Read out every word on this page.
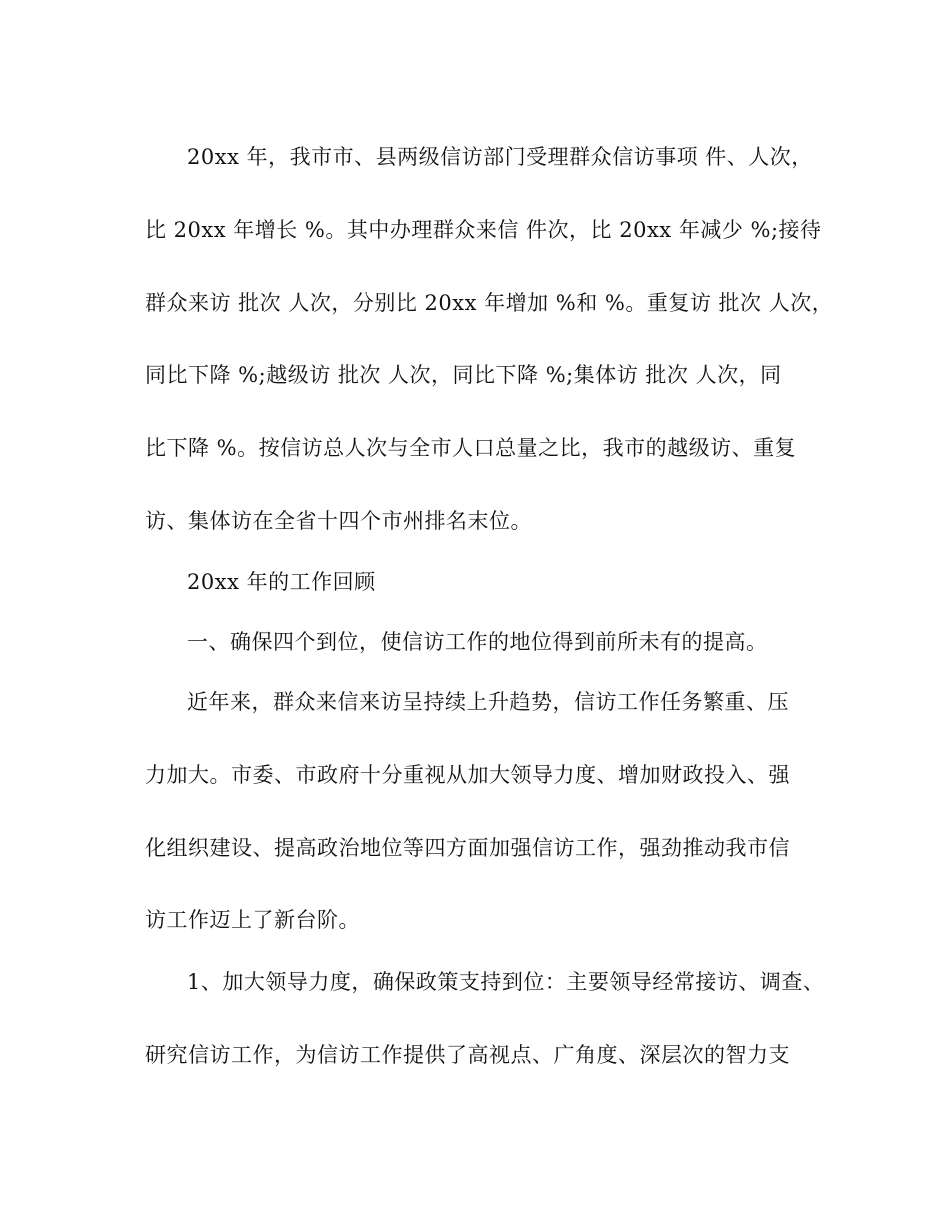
20xx 年，我市市、县两级信访部门受理群众信访事项 件、人次，
比 20xx 年增长 %。其中办理群众来信 件次，比 20xx 年减少 %;接待
群众来访 批次 人次，分别比 20xx 年增加 %和 %。重复访 批次 人次，
同比下降 %;越级访 批次 人次，同比下降 %;集体访 批次 人次，同
比下降 %。按信访总人次与全市人口总量之比，我市的越级访、重复
访、集体访在全省十四个市州排名末位。
20xx 年的工作回顾
一、确保四个到位，使信访工作的地位得到前所未有的提高。
近年来，群众来信来访呈持续上升趋势，信访工作任务繁重、压
力加大。市委、市政府十分重视从加大领导力度、增加财政投入、强
化组织建设、提高政治地位等四方面加强信访工作，强劲推动我市信
访工作迈上了新台阶。
1、加大领导力度，确保政策支持到位：主要领导经常接访、调查、
研究信访工作，为信访工作提供了高视点、广角度、深层次的智力支
